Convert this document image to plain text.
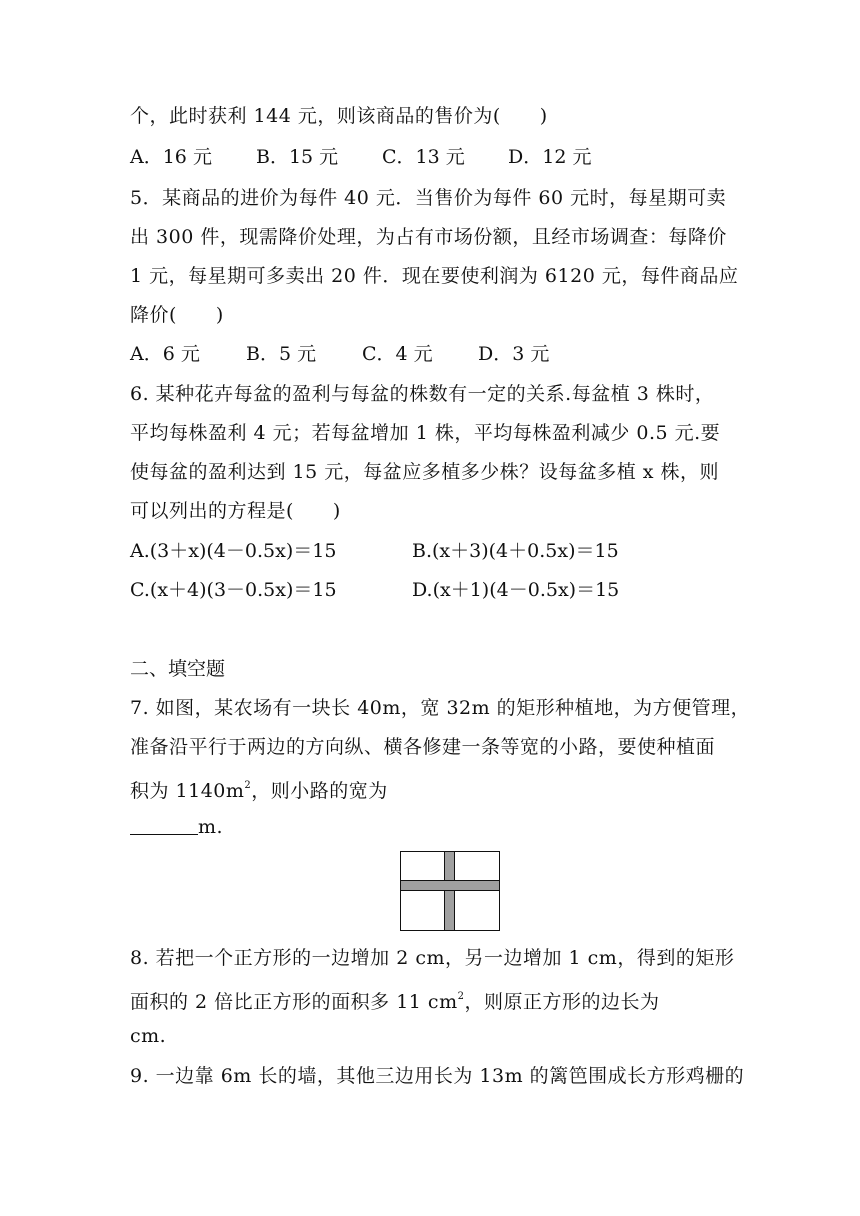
个，此时获利 144 元，则该商品的售价为(　　)
A．16 元 B．15 元 C．13 元 D．12 元
5．某商品的进价为每件 40 元．当售价为每件 60 元时，每星期可卖
出 300 件，现需降价处理，为占有市场份额，且经市场调查：每降价
1 元，每星期可多卖出 20 件．现在要使利润为 6120 元，每件商品应
降价(　　)
A．6 元 B．5 元 C．4 元 D．3 元
6. 某种花卉每盆的盈利与每盆的株数有一定的关系.每盆植 3 株时，
平均每株盈利 4 元；若每盆增加 1 株，平均每株盈利减少 0.5 元.要
使每盆的盈利达到 15 元，每盆应多植多少株？设每盆多植 x 株，则
可以列出的方程是(　　)
A.(3＋x)(4－0.5x)＝15	B.(x＋3)(4＋0.5x)＝15
C.(x＋4)(3－0.5x)＝15	D.(x＋1)(4－0.5x)＝15
二、填空题
7. 如图，某农场有一块长 40m，宽 32m 的矩形种植地，为方便管理，
准备沿平行于两边的方向纵、横各修建一条等宽的小路，要使种植面
积为 $1140m^2$，则小路的宽为
m.
8. 若把一个正方形的一边增加 2 cm，另一边增加 1 cm，得到的矩形
面积的 2 倍比正方形的面积多 11 $cm^2$，则原正方形的边长为
cm.
9. 一边靠 6m 长的墙，其他三边用长为 13m 的篱笆围成长方形鸡栅的
